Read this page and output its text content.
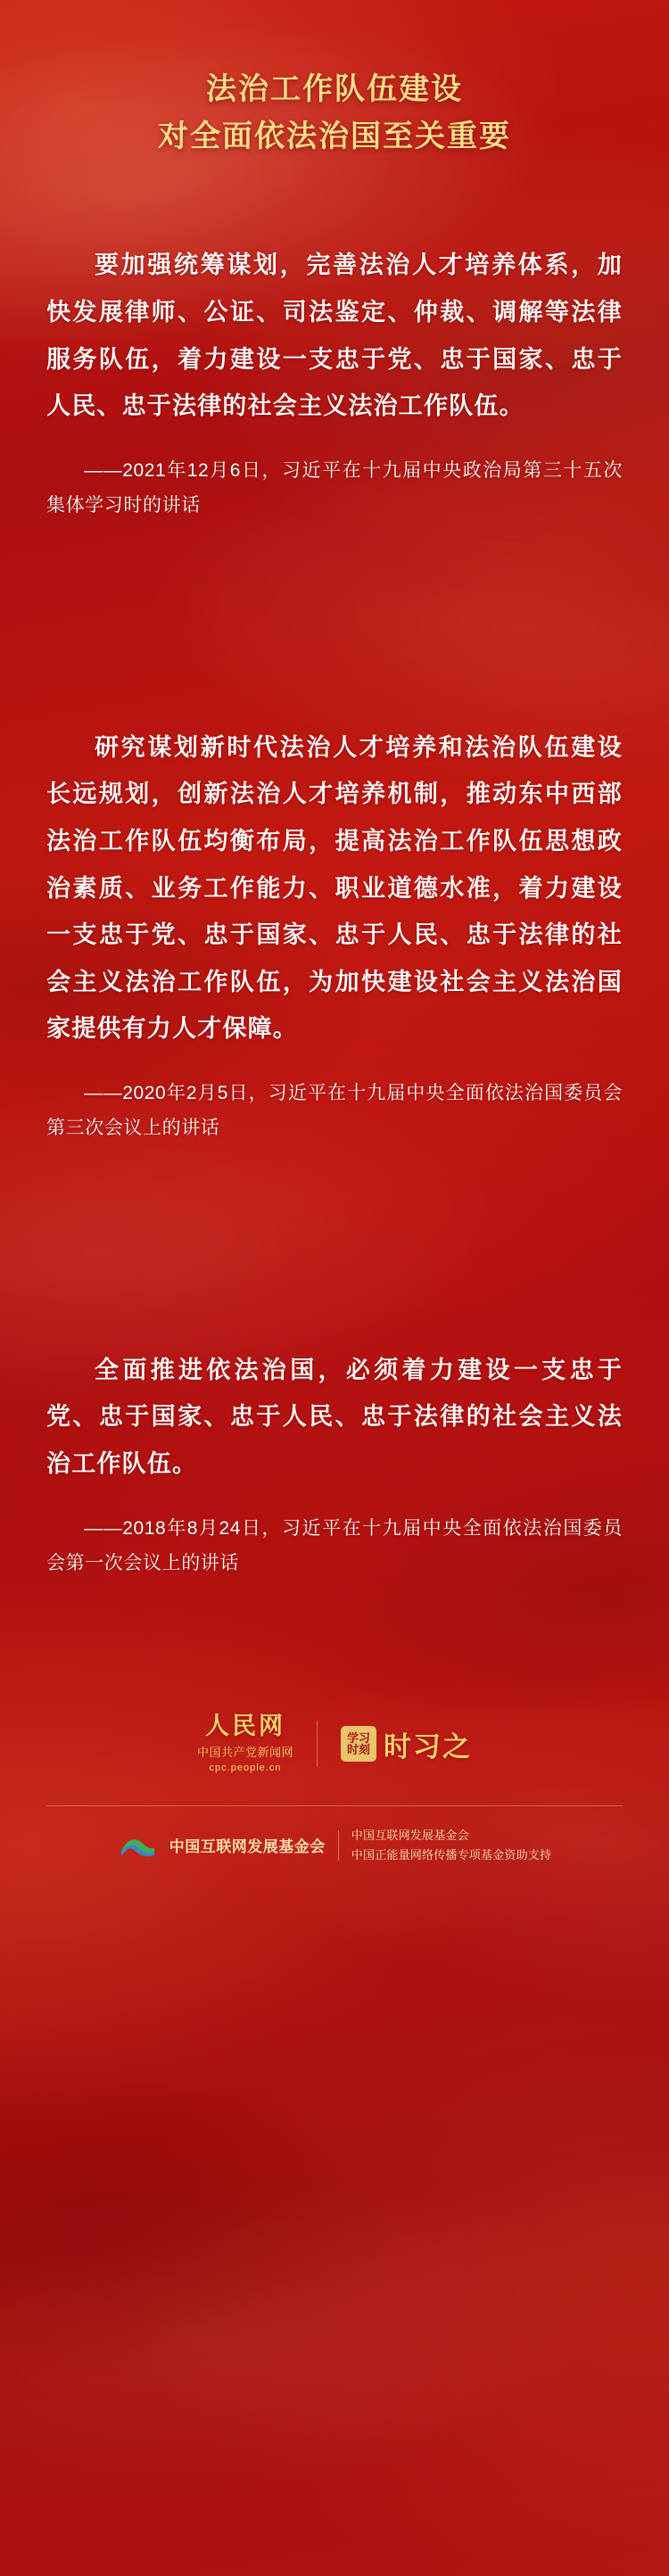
法治工作队伍建设
对全面依法治国至关重要

要加强统筹谋划，完善法治人才培养体系，加快发展律师、公证、司法鉴定、仲裁、调解等法律服务队伍，着力建设一支忠于党、忠于国家、忠于人民、忠于法律的社会主义法治工作队伍。

——2021年12月6日，习近平在十九届中央政治局第三十五次集体学习时的讲话

研究谋划新时代法治人才培养和法治队伍建设长远规划，创新法治人才培养机制，推动东中西部法治工作队伍均衡布局，提高法治工作队伍思想政治素质、业务工作能力、职业道德水准，着力建设一支忠于党、忠于国家、忠于人民、忠于法律的社会主义法治工作队伍，为加快建设社会主义法治国家提供有力人才保障。

——2020年2月5日，习近平在十九届中央全面依法治国委员会第三次会议上的讲话

全面推进依法治国，必须着力建设一支忠于党、忠于国家、忠于人民、忠于法律的社会主义法治工作队伍。

——2018年8月24日，习近平在十九届中央全面依法治国委员会第一次会议上的讲话

人民网
中国共产党新闻网
cpc.people.cn
学习时刻 时习之
中国互联网发展基金会
中国互联网发展基金会
中国正能量网络传播专项基金资助支持
